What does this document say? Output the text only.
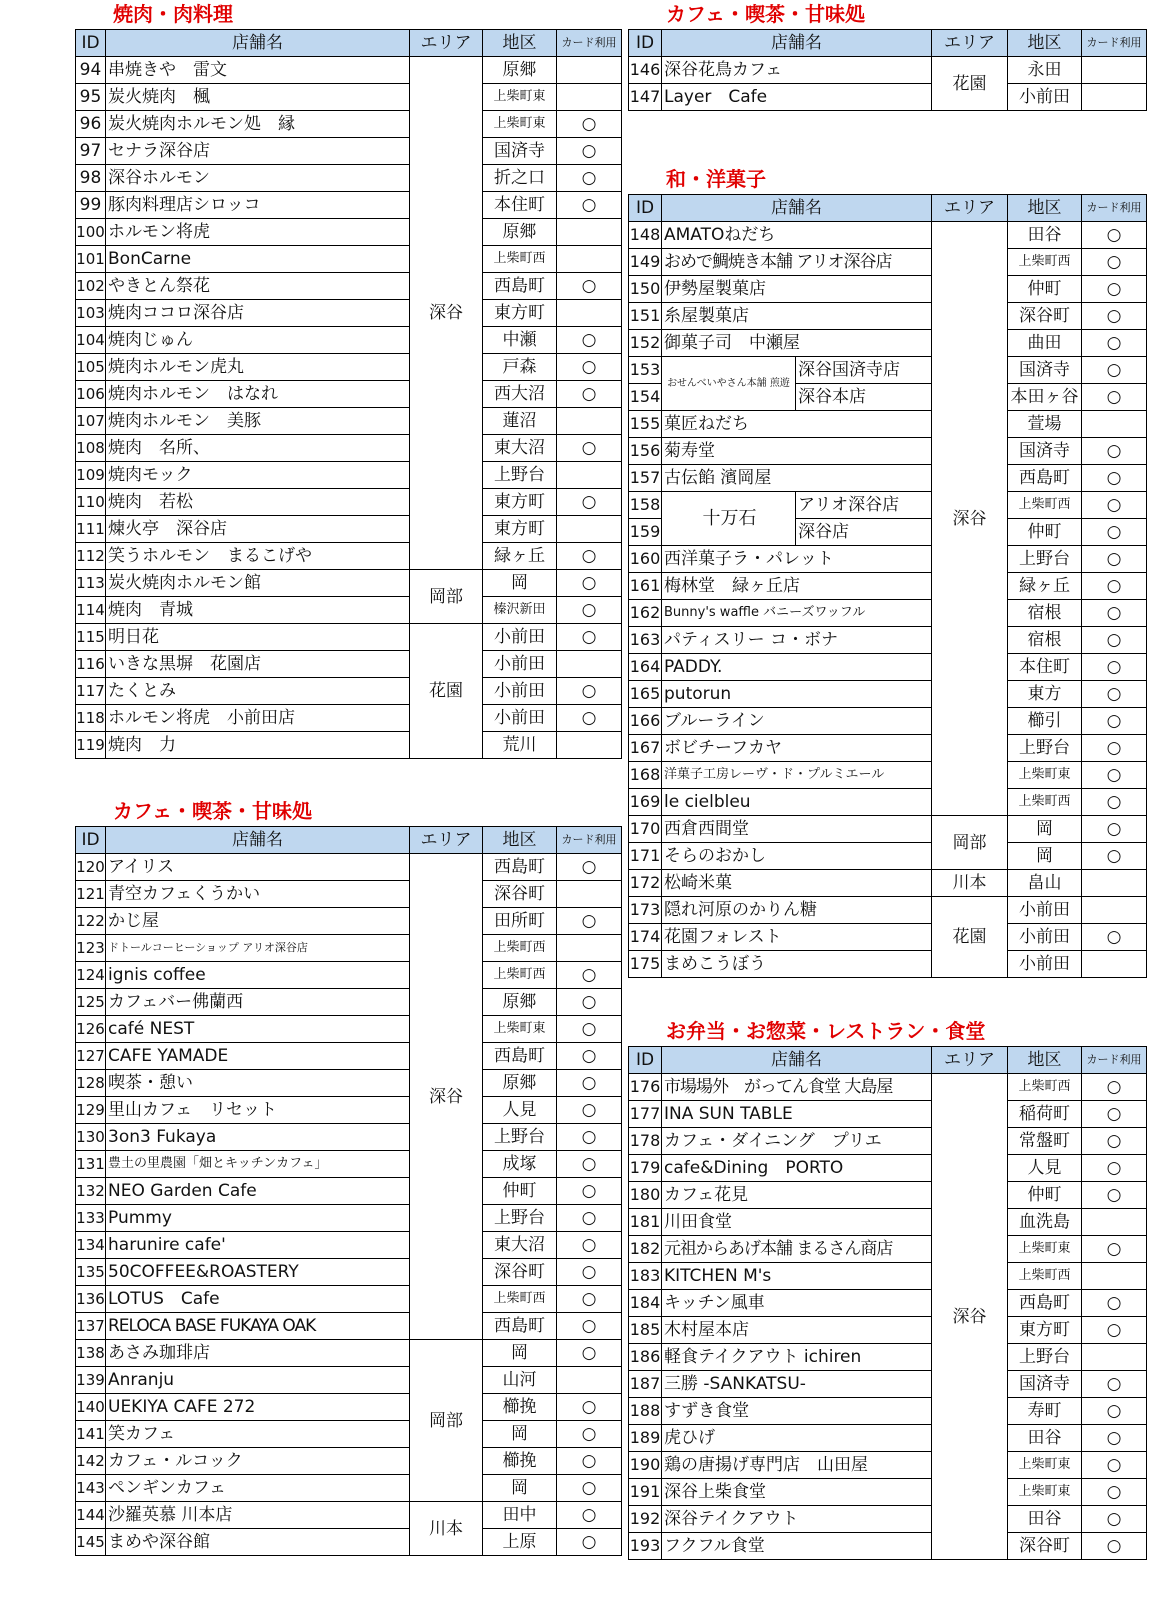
焼肉・肉料理
ID	店舗名	エリア	地区	カード利用
94	串焼きや　雷文	深谷	原郷	
95	炭火焼肉　楓		上柴町東	
96	炭火焼肉ホルモン処　縁		上柴町東	○
97	セナラ深谷店		国済寺	○
98	深谷ホルモン		折之口	○
99	豚肉料理店シロッコ		本住町	○
100	ホルモン将虎		原郷	
101	BonCarne		上柴町西	
102	やきとん祭花		西島町	○
103	焼肉ココロ深谷店		東方町	
104	焼肉じゅん		中瀬	○
105	焼肉ホルモン虎丸		戸森	○
106	焼肉ホルモン　はなれ		西大沼	○
107	焼肉ホルモン　美豚		蓮沼	
108	焼肉　名所、		東大沼	○
109	焼肉モック		上野台	
110	焼肉　若松		東方町	○
111	煉火亭　深谷店		東方町	
112	笑うホルモン　まるこげや		緑ヶ丘	○
113	炭火焼肉ホルモン館	岡部	岡	○
114	焼肉　青城		榛沢新田	○
115	明日花	花園	小前田	○
116	いきな黒塀　花園店		小前田	
117	たくとみ		小前田	○
118	ホルモン将虎　小前田店		小前田	○
119	焼肉　力		荒川	
カフェ・喫茶・甘味処
ID	店舗名	エリア	地区	カード利用
120	アイリス	深谷	西島町	○
121	青空カフェくうかい		深谷町	
122	かじ屋		田所町	○
123	ドトールコーヒーショップ アリオ深谷店		上柴町西	
124	ignis coffee		上柴町西	○
125	カフェバー佛蘭西		原郷	○
126	café NEST		上柴町東	○
127	CAFE YAMADE		西島町	○
128	喫茶・憩い		原郷	○
129	里山カフェ　リセット		人見	○
130	3on3 Fukaya		上野台	○
131	豊土の里農園「畑とキッチンカフェ」		成塚	○
132	NEO Garden Cafe		仲町	○
133	Pummy		上野台	○
134	harunire cafe'		東大沼	○
135	50COFFEE&ROASTERY		深谷町	○
136	LOTUS　Cafe		上柴町西	○
137	RELOCA BASE FUKAYA OAK		西島町	○
138	あさみ珈琲店	岡部	岡	○
139	Anranju		山河	
140	UEKIYA CAFE 272		櫛挽	○
141	笑カフェ		岡	○
142	カフェ・ルコック		櫛挽	○
143	ペンギンカフェ		岡	○
144	沙羅英慕 川本店	川本	田中	○
145	まめや深谷館		上原	○
カフェ・喫茶・甘味処
ID	店舗名	エリア	地区	カード利用
146	深谷花鳥カフェ	花園	永田	
147	Layer　Cafe		小前田	
和・洋菓子
ID	店舗名		エリア	地区	カード利用
148	AMATOねだち		深谷	田谷	○
149	おめで鯛焼き本舗 アリオ深谷店			上柴町西	○
150	伊勢屋製菓店			仲町	○
151	糸屋製菓店			深谷町	○
152	御菓子司　中瀬屋			曲田	○
153	おせんべいやさん本舗 煎遊	深谷国済寺店		国済寺	○
154		深谷本店		本田ヶ谷	○
155	菓匠ねだち			萱場	
156	菊寿堂			国済寺	○
157	古伝餡 濱岡屋			西島町	○
158	十万石	アリオ深谷店		上柴町西	○
159		深谷店		仲町	○
160	西洋菓子ラ・パレット			上野台	○
161	梅林堂　緑ヶ丘店			緑ヶ丘	○
162	Bunny's waffle バニーズワッフル			宿根	○
163	パティスリー コ・ボナ			宿根	○
164	PADDY.			本住町	○
165	putorun			東方	○
166	ブルーライン			櫛引	○
167	ボビチーフカヤ			上野台	○
168	洋菓子工房レーヴ・ド・プルミエール			上柴町東	○
169	le cielbleu			上柴町西	○
170	西倉西間堂		岡部	岡	○
171	そらのおかし			岡	○
172	松崎米菓		川本	畠山	
173	隠れ河原のかりん糖		花園	小前田	
174	花園フォレスト			小前田	○
175	まめこうぼう			小前田	
お弁当・お惣菜・レストラン・食堂
ID	店舗名	エリア	地区	カード利用
176	市場場外　がってん食堂 大島屋	深谷	上柴町西	○
177	INA SUN TABLE		稲荷町	○
178	カフェ・ダイニング　プリエ		常盤町	○
179	cafe&Dining　PORTO		人見	○
180	カフェ花見		仲町	○
181	川田食堂		血洗島	
182	元祖からあげ本舗 まるさん商店		上柴町東	○
183	KITCHEN M's		上柴町西	
184	キッチン風車		西島町	○
185	木村屋本店		東方町	○
186	軽食テイクアウト ichiren		上野台	
187	三勝 -SANKATSU-		国済寺	○
188	すずき食堂		寿町	○
189	虎ひげ		田谷	○
190	鶏の唐揚げ専門店　山田屋		上柴町東	○
191	深谷上柴食堂		上柴町東	○
192	深谷テイクアウト		田谷	○
193	フクフル食堂		深谷町	○
